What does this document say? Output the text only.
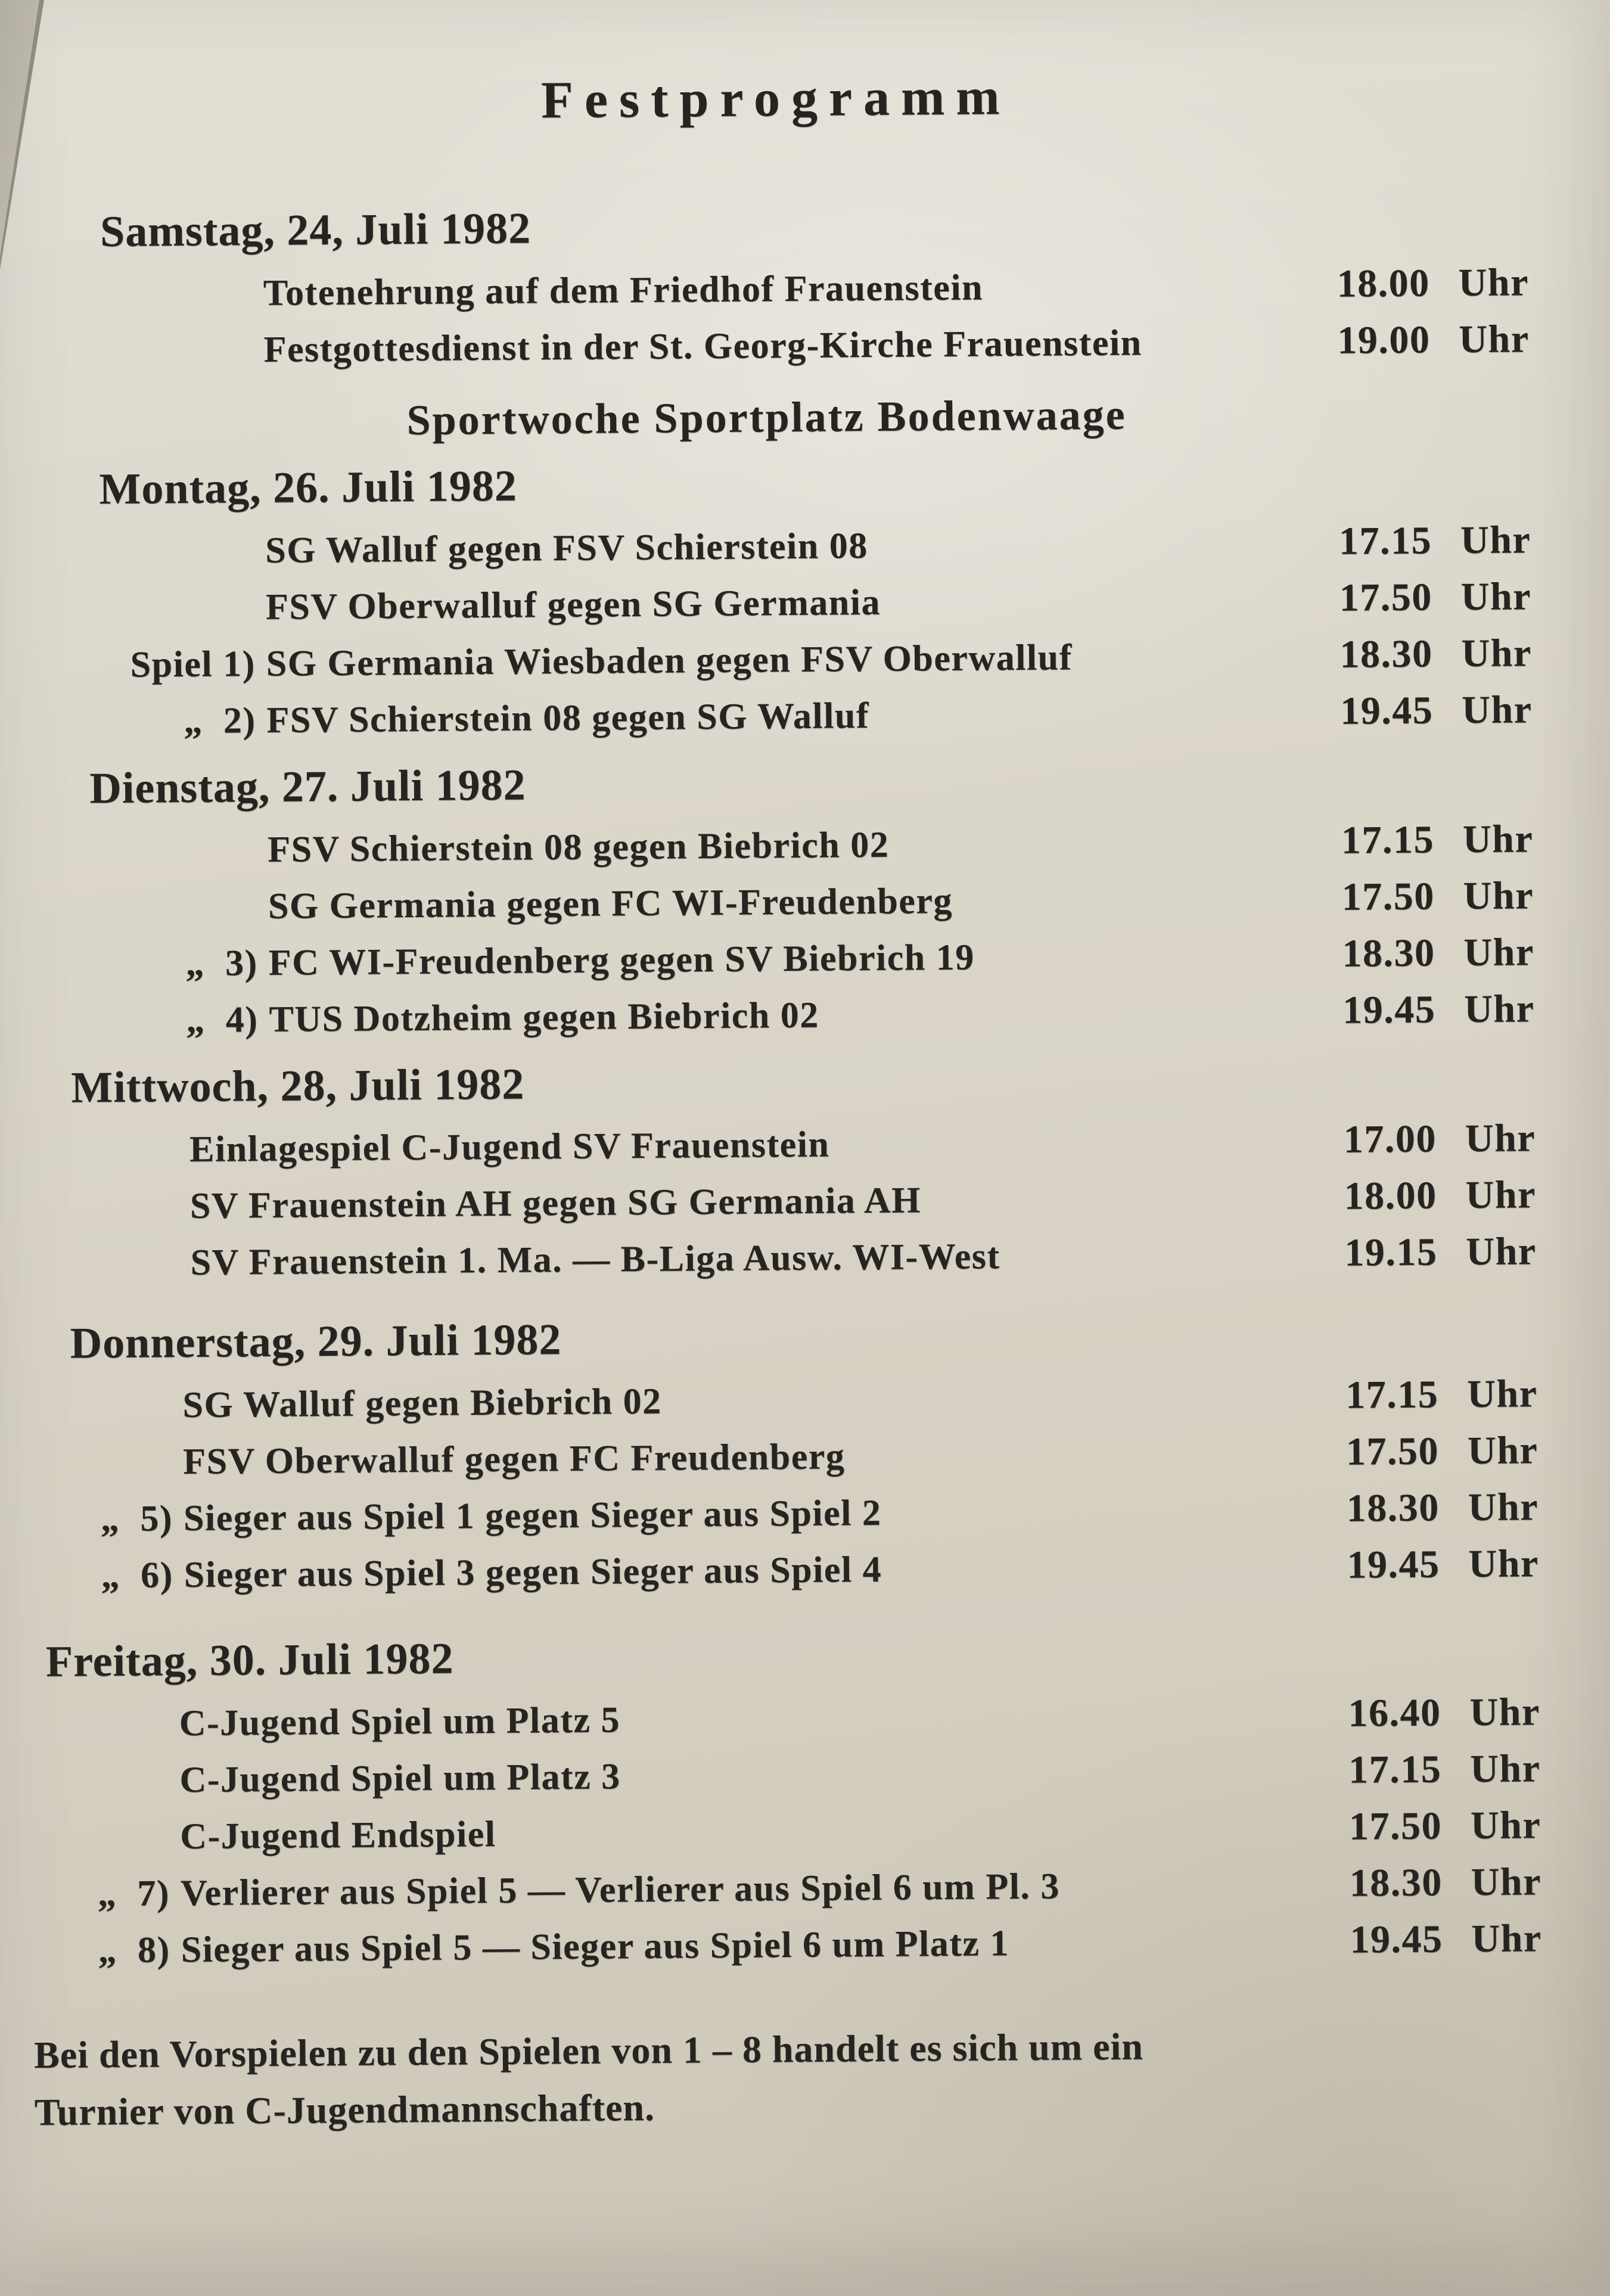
Festprogramm
Samstag, 24, Juli 1982
Totenehrung auf dem Friedhof Frauenstein	18.00 Uhr
Festgottesdienst in der St. Georg-Kirche Frauenstein	19.00 Uhr
Sportwoche Sportplatz Bodenwaage
Montag, 26. Juli 1982
SG Walluf gegen FSV Schierstein 08	17.15 Uhr
FSV Oberwalluf gegen SG Germania	17.50 Uhr
Spiel 1) SG Germania Wiesbaden gegen FSV Oberwalluf	18.30 Uhr
„  2) FSV Schierstein 08 gegen SG Walluf	19.45 Uhr
Dienstag, 27. Juli 1982
FSV Schierstein 08 gegen Biebrich 02	17.15 Uhr
SG Germania gegen FC WI-Freudenberg	17.50 Uhr
„  3) FC WI-Freudenberg gegen SV Biebrich 19	18.30 Uhr
„  4) TUS Dotzheim gegen Biebrich 02	19.45 Uhr
Mittwoch, 28, Juli 1982
Einlagespiel C-Jugend SV Frauenstein	17.00 Uhr
SV Frauenstein AH gegen SG Germania AH	18.00 Uhr
SV Frauenstein 1. Ma. — B-Liga Ausw. WI-West	19.15 Uhr
Donnerstag, 29. Juli 1982
SG Walluf gegen Biebrich 02	17.15 Uhr
FSV Oberwalluf gegen FC Freudenberg	17.50 Uhr
„  5) Sieger aus Spiel 1 gegen Sieger aus Spiel 2	18.30 Uhr
„  6) Sieger aus Spiel 3 gegen Sieger aus Spiel 4	19.45 Uhr
Freitag, 30. Juli 1982
C-Jugend Spiel um Platz 5	16.40 Uhr
C-Jugend Spiel um Platz 3	17.15 Uhr
C-Jugend Endspiel	17.50 Uhr
„  7) Verlierer aus Spiel 5 — Verlierer aus Spiel 6 um Pl. 3	18.30 Uhr
„  8) Sieger aus Spiel 5 — Sieger aus Spiel 6 um Platz 1	19.45 Uhr

Bei den Vorspielen zu den Spielen von 1 – 8 handelt es sich um ein

Turnier von C-Jugendmannschaften.
